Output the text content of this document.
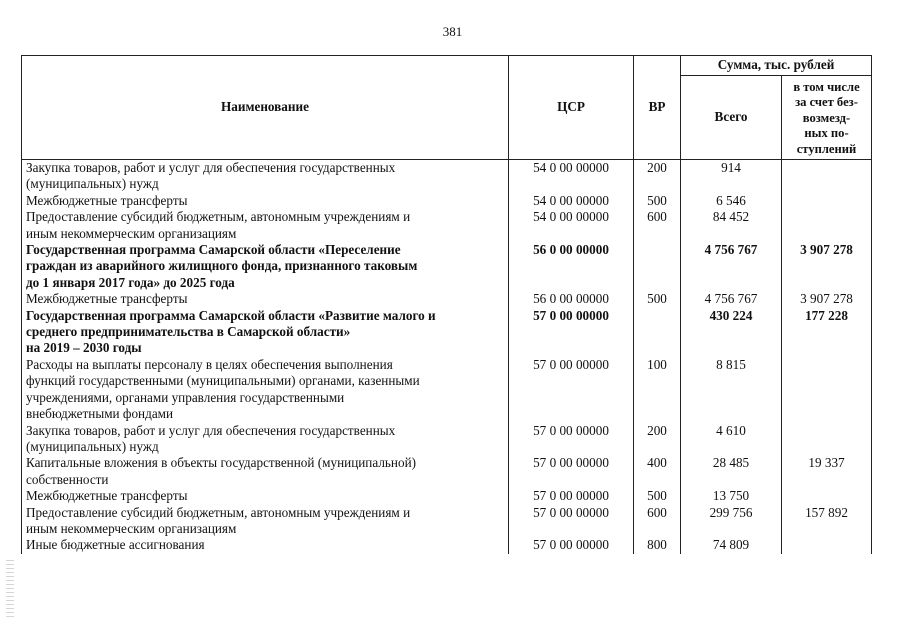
381
Наименование	ЦСР	ВР	Сумма, тыс. рублей	
			Всего	в том числе
за счет без-
возмезд-
ных по-
ступлений

Закупка товаров, работ и услуг для обеспечения государственных
(муниципальных) нужд	54 0 00 00000	200	914	

Межбюджетные трансферты	54 0 00 00000	500	6 546	

Предоставление субсидий бюджетным, автономным учреждениям и
иным некоммерческим организациям	54 0 00 00000	600	84 452	

Государственная программа Самарской области «Переселение
граждан из аварийного жилищного фонда, признанного таковым
до 1 января 2017 года» до 2025 года	56 0 00 00000		4 756 767	3 907 278

Межбюджетные трансферты	56 0 00 00000	500	4 756 767	3 907 278

Государственная программа Самарской области «Развитие малого и
среднего предпринимательства в Самарской области»
на 2019 – 2030 годы	57 0 00 00000		430 224	177 228

Расходы на выплаты персоналу в целях обеспечения выполнения
функций государственными (муниципальными) органами, казенными
учреждениями, органами управления государственными
внебюджетными фондами	57 0 00 00000	100	8 815	

Закупка товаров, работ и услуг для обеспечения государственных
(муниципальных) нужд	57 0 00 00000	200	4 610	

Капитальные вложения в объекты государственной (муниципальной)
собственности	57 0 00 00000	400	28 485	19 337

Межбюджетные трансферты	57 0 00 00000	500	13 750	

Предоставление субсидий бюджетным, автономным учреждениям и
иным некоммерческим организациям	57 0 00 00000	600	299 756	157 892

Иные бюджетные ассигнования	57 0 00 00000	800	74 809	
